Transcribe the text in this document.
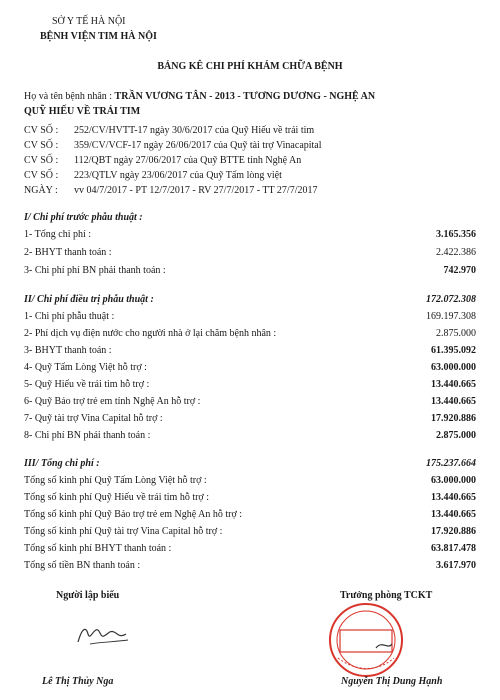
SỞ Y TẾ HÀ NỘI
BỆNH VIỆN TIM HÀ NỘI
BẢNG KÊ CHI PHÍ KHÁM CHỮA BỆNH
Họ và tên bệnh nhân : TRẦN VƯƠNG TÂN - 2013 - TƯƠNG DƯƠNG - NGHỆ AN
QUỸ HIẾU VỀ TRÁI TIM
CV SỐ : 252/CV/HVTT-17 ngày 30/6/2017 của Quỹ Hiếu về trái tim
CV SỐ : 359/CV/VCF-17 ngày 26/06/2017 của Quỹ tài trợ Vinacapital
CV SỐ : 112/QBT ngày 27/06/2017 của Quỹ BTTE tỉnh Nghệ An
CV SỐ : 223/QTLV ngày 23/06/2017 của Quỹ Tấm lòng việt
NGÀY : vv 04/7/2017 - PT 12/7/2017 - RV 27/7/2017 - TT 27/7/2017
I/ Chi phí trước phẫu thuật :
1- Tổng chi phí :	3.165.356
2- BHYT thanh toán :	2.422.386
3- Chi phí phí BN phải thanh toán :	742.970
II/ Chi phí điều trị phẫu thuật :	172.072.308
1- Chi phí phẫu thuật :	169.197.308
2- Phí dịch vụ điện nước cho người nhà ở lại chăm bệnh nhân :	2.875.000
3- BHYT thanh toán :	61.395.092
4- Quỹ Tấm Lòng Việt hỗ trợ :	63.000.000
5- Quỹ Hiếu về trái tim hỗ trợ :	13.440.665
6- Quỹ Bảo trợ trẻ em tỉnh Nghệ An hỗ trợ :	13.440.665
7- Quỹ tài trợ Vina Capital hỗ trợ :	17.920.886
8- Chi phí BN phải thanh toán :	2.875.000
III/ Tổng chi phí :	175.237.664
Tổng số kinh phí Quỹ Tấm Lòng Việt hỗ trợ :	63.000.000
Tổng số kinh phí Quỹ Hiếu về trái tim hỗ trợ :	13.440.665
Tổng số kinh phí Quỹ Bảo trợ trẻ em Nghệ An hỗ trợ :	13.440.665
Tổng số kinh phí Quỹ tài trợ Vina Capital hỗ trợ :	17.920.886
Tổng số kinh phí BHYT thanh toán :	63.817.478
Tổng số tiền BN thanh toán :	3.617.970
Người lập biểu	Trưởng phòng TCKT
Lê Thị Thủy Nga	Nguyễn Thị Dung Hạnh
